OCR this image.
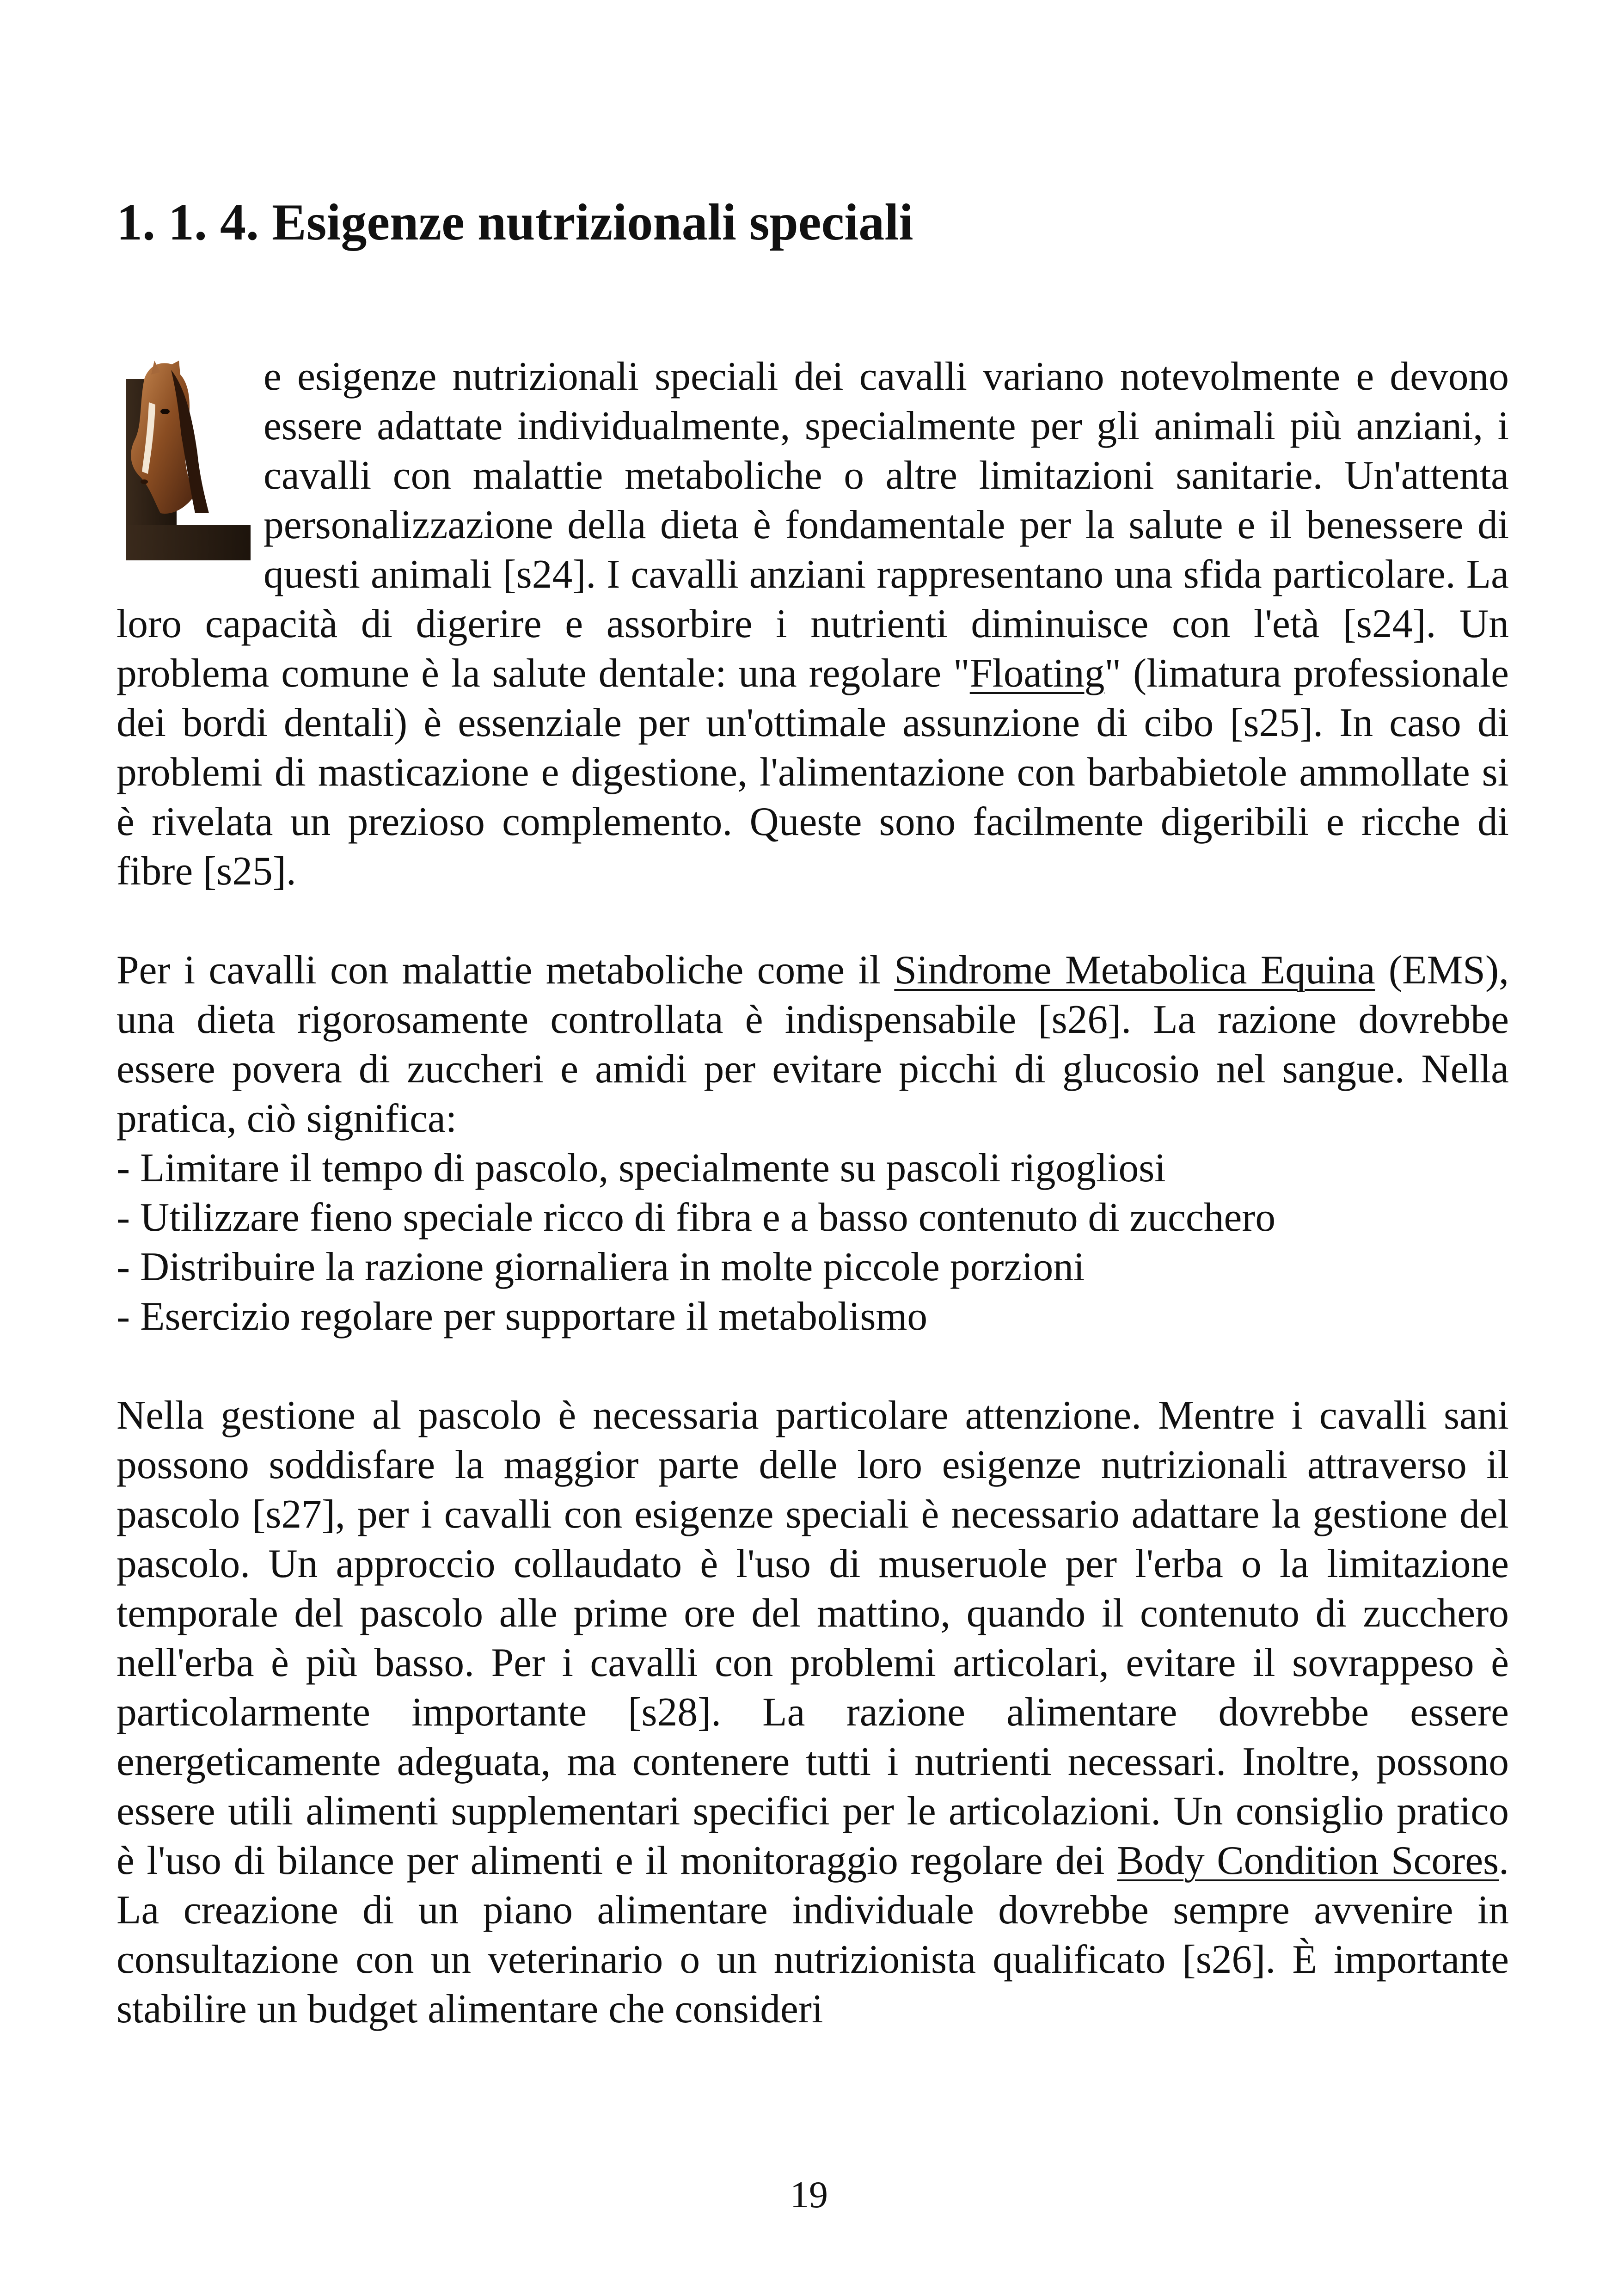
1. 1. 4. Esigenze nutrizionali speciali

e esigenze nutrizionali speciali dei cavalli variano notevolmente e devono essere adattate individualmente, specialmente per gli animali più anziani, i cavalli con malattie metaboliche o altre limitazioni sanitarie. Un'attenta personalizzazione della dieta è fondamentale per la salute e il benessere di questi animali [s24]. I cavalli anziani rappresentano una sfida particolare. La loro capacità di digerire e assorbire i nutrienti diminuisce con l'età [s24]. Un problema comune è la salute dentale: una regolare "Floating" (limatura professionale dei bordi dentali) è essenziale per un'ottimale assunzione di cibo [s25]. In caso di problemi di masticazione e digestione, l'alimentazione con barbabietole ammollate si è rivelata un prezioso complemento. Queste sono facilmente digeribili e ricche di fibre [s25].

Per i cavalli con malattie metaboliche come il Sindrome Metabolica Equina (EMS), una dieta rigorosamente controllata è indispensabile [s26]. La razione dovrebbe essere povera di zuccheri e amidi per evitare picchi di glucosio nel sangue. Nella pratica, ciò significa:

- Limitare il tempo di pascolo, specialmente su pascoli rigogliosi
- Utilizzare fieno speciale ricco di fibra e a basso contenuto di zucchero
- Distribuire la razione giornaliera in molte piccole porzioni
- Esercizio regolare per supportare il metabolismo

Nella gestione al pascolo è necessaria particolare attenzione. Mentre i cavalli sani possono soddisfare la maggior parte delle loro esigenze nutrizionali attraverso il pascolo [s27], per i cavalli con esigenze speciali è necessario adattare la gestione del pascolo. Un approccio collaudato è l'uso di museruole per l'erba o la limitazione temporale del pascolo alle prime ore del mattino, quando il contenuto di zucchero nell'erba è più basso. Per i cavalli con problemi articolari, evitare il sovrappeso è particolarmente importante [s28]. La razione alimentare dovrebbe essere energeticamente adeguata, ma contenere tutti i nutrienti necessari. Inoltre, possono essere utili alimenti supplementari specifici per le articolazioni. Un consiglio pratico è l'uso di bilance per alimenti e il monitoraggio regolare dei Body Condition Scores. La creazione di un piano alimentare individuale dovrebbe sempre avvenire in consultazione con un veterinario o un nutrizionista qualificato [s26]. È importante stabilire un budget alimentare che consideri

19
